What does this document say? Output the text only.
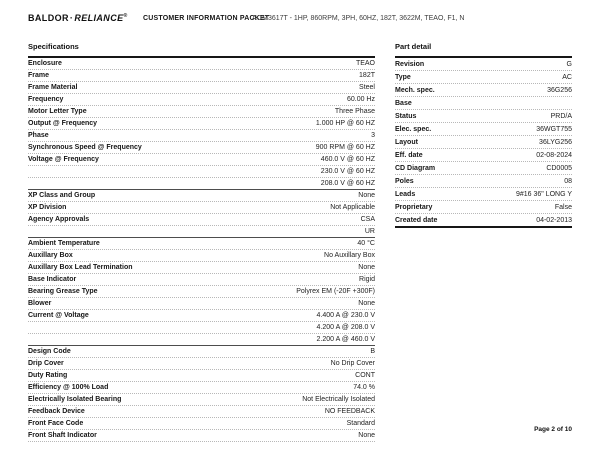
BALDOR·RELIANCE® CUSTOMER INFORMATION PACKET
AOM3617T - 1HP, 860RPM, 3PH, 60HZ, 182T, 3622M, TEAO, F1, N
Specifications
Enclosure	TEAO
Frame	182T
Frame Material	Steel
Frequency	60.00 Hz
Motor Letter Type	Three Phase
Output @ Frequency	1.000 HP @ 60 HZ
Phase	3
Synchronous Speed @ Frequency	900 RPM @ 60 HZ
Voltage @ Frequency	460.0 V @ 60 HZ
230.0 V @ 60 HZ
208.0 V @ 60 HZ
XP Class and Group	None
XP Division	Not Applicable
Agency Approvals	CSA
UR
Ambient Temperature	40 °C
Auxillary Box	No Auxillary Box
Auxillary Box Lead Termination	None
Base Indicator	Rigid
Bearing Grease Type	Polyrex EM (-20F +300F)
Blower	None
Current @ Voltage	4.400 A @ 230.0 V
4.200 A @ 208.0 V
2.200 A @ 460.0 V
Design Code	B
Drip Cover	No Drip Cover
Duty Rating	CONT
Efficiency @ 100% Load	74.0 %
Electrically Isolated Bearing	Not Electrically Isolated
Feedback Device	NO FEEDBACK
Front Face Code	Standard
Front Shaft Indicator	None
Part detail
Revision	G
Type	AC
Mech. spec.	36G256
Base
Status	PRD/A
Elec. spec.	36WGT755
Layout	36LYG256
Eff. date	02-08-2024
CD Diagram	CD0005
Poles	08
Leads	9#16 36" LONG Y
Proprietary	False
Created date	04-02-2013
Page 2 of 10
